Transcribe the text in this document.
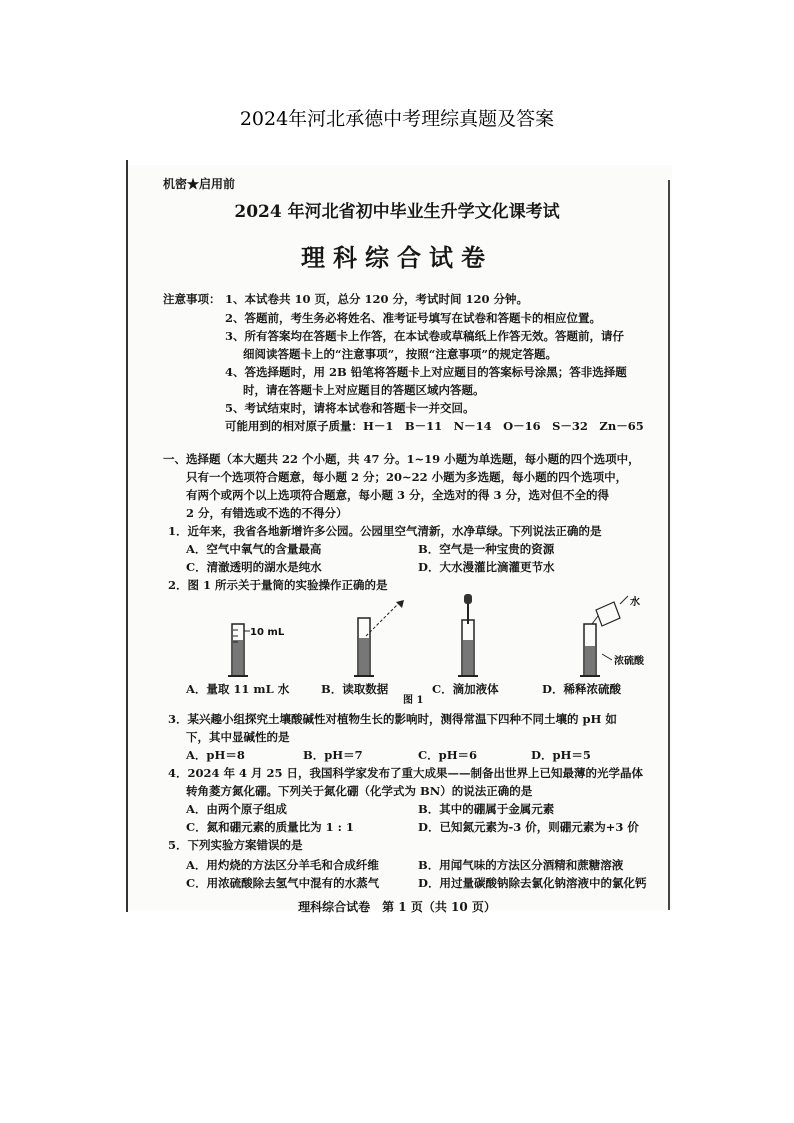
2024年河北承德中考理综真题及答案
机密★启用前
2024 年河北省初中毕业生升学文化课考试
理科综合试卷
注意事项： 1、本试卷共 10 页，总分 120 分，考试时间 120 分钟。
2、答题前，考生务必将姓名、准考证号填写在试卷和答题卡的相应位置。
3、所有答案均在答题卡上作答，在本试卷或草稿纸上作答无效。答题前，请仔
细阅读答题卡上的“注意事项”，按照“注意事项”的规定答题。
4、答选择题时，用 2B 铅笔将答题卡上对应题目的答案标号涂黑；答非选择题
时，请在答题卡上对应题目的答题区域内答题。
5、考试结束时，请将本试卷和答题卡一并交回。
可能用到的相对原子质量：H－1　B－11　N－14　O－16　S－32　Zn－65
一、选择题（本大题共 22 个小题，共 47 分。1~19 小题为单选题，每小题的四个选项中，
只有一个选项符合题意，每小题 2 分；20~22 小题为多选题，每小题的四个选项中，
有两个或两个以上选项符合题意，每小题 3 分，全选对的得 3 分，选对但不全的得
2 分，有错选或不选的不得分）
1．近年来，我省各地新增许多公园。公园里空气清新，水净草绿。下列说法正确的是
A．空气中氧气的含量最高	B．空气是一种宝贵的资源
C．清澈透明的湖水是纯水	D．大水漫灌比滴灌更节水
2．图 1 所示关于量筒的实验操作正确的是
10 mL
水
浓硫酸
A．量取 11 mL 水	B．读取数据	C．滴加液体	D．稀释浓硫酸
图 1
3．某兴趣小组探究土壤酸碱性对植物生长的影响时，测得常温下四种不同土壤的 pH 如
下，其中显碱性的是
A．pH＝8	B．pH＝7	C．pH＝6	D．pH＝5
4．2024 年 4 月 25 日，我国科学家发布了重大成果——制备出世界上已知最薄的光学晶体
转角菱方氮化硼。下列关于氮化硼（化学式为 BN）的说法正确的是
A．由两个原子组成	B．其中的硼属于金属元素
C．氮和硼元素的质量比为 1 : 1	D．已知氮元素为-3 价，则硼元素为+3 价
5．下列实验方案错误的是
A．用灼烧的方法区分羊毛和合成纤维	B．用闻气味的方法区分酒精和蔗糖溶液
C．用浓硫酸除去氢气中混有的水蒸气	D．用过量碳酸钠除去氯化钠溶液中的氯化钙
理科综合试卷　第 1 页（共 10 页）
